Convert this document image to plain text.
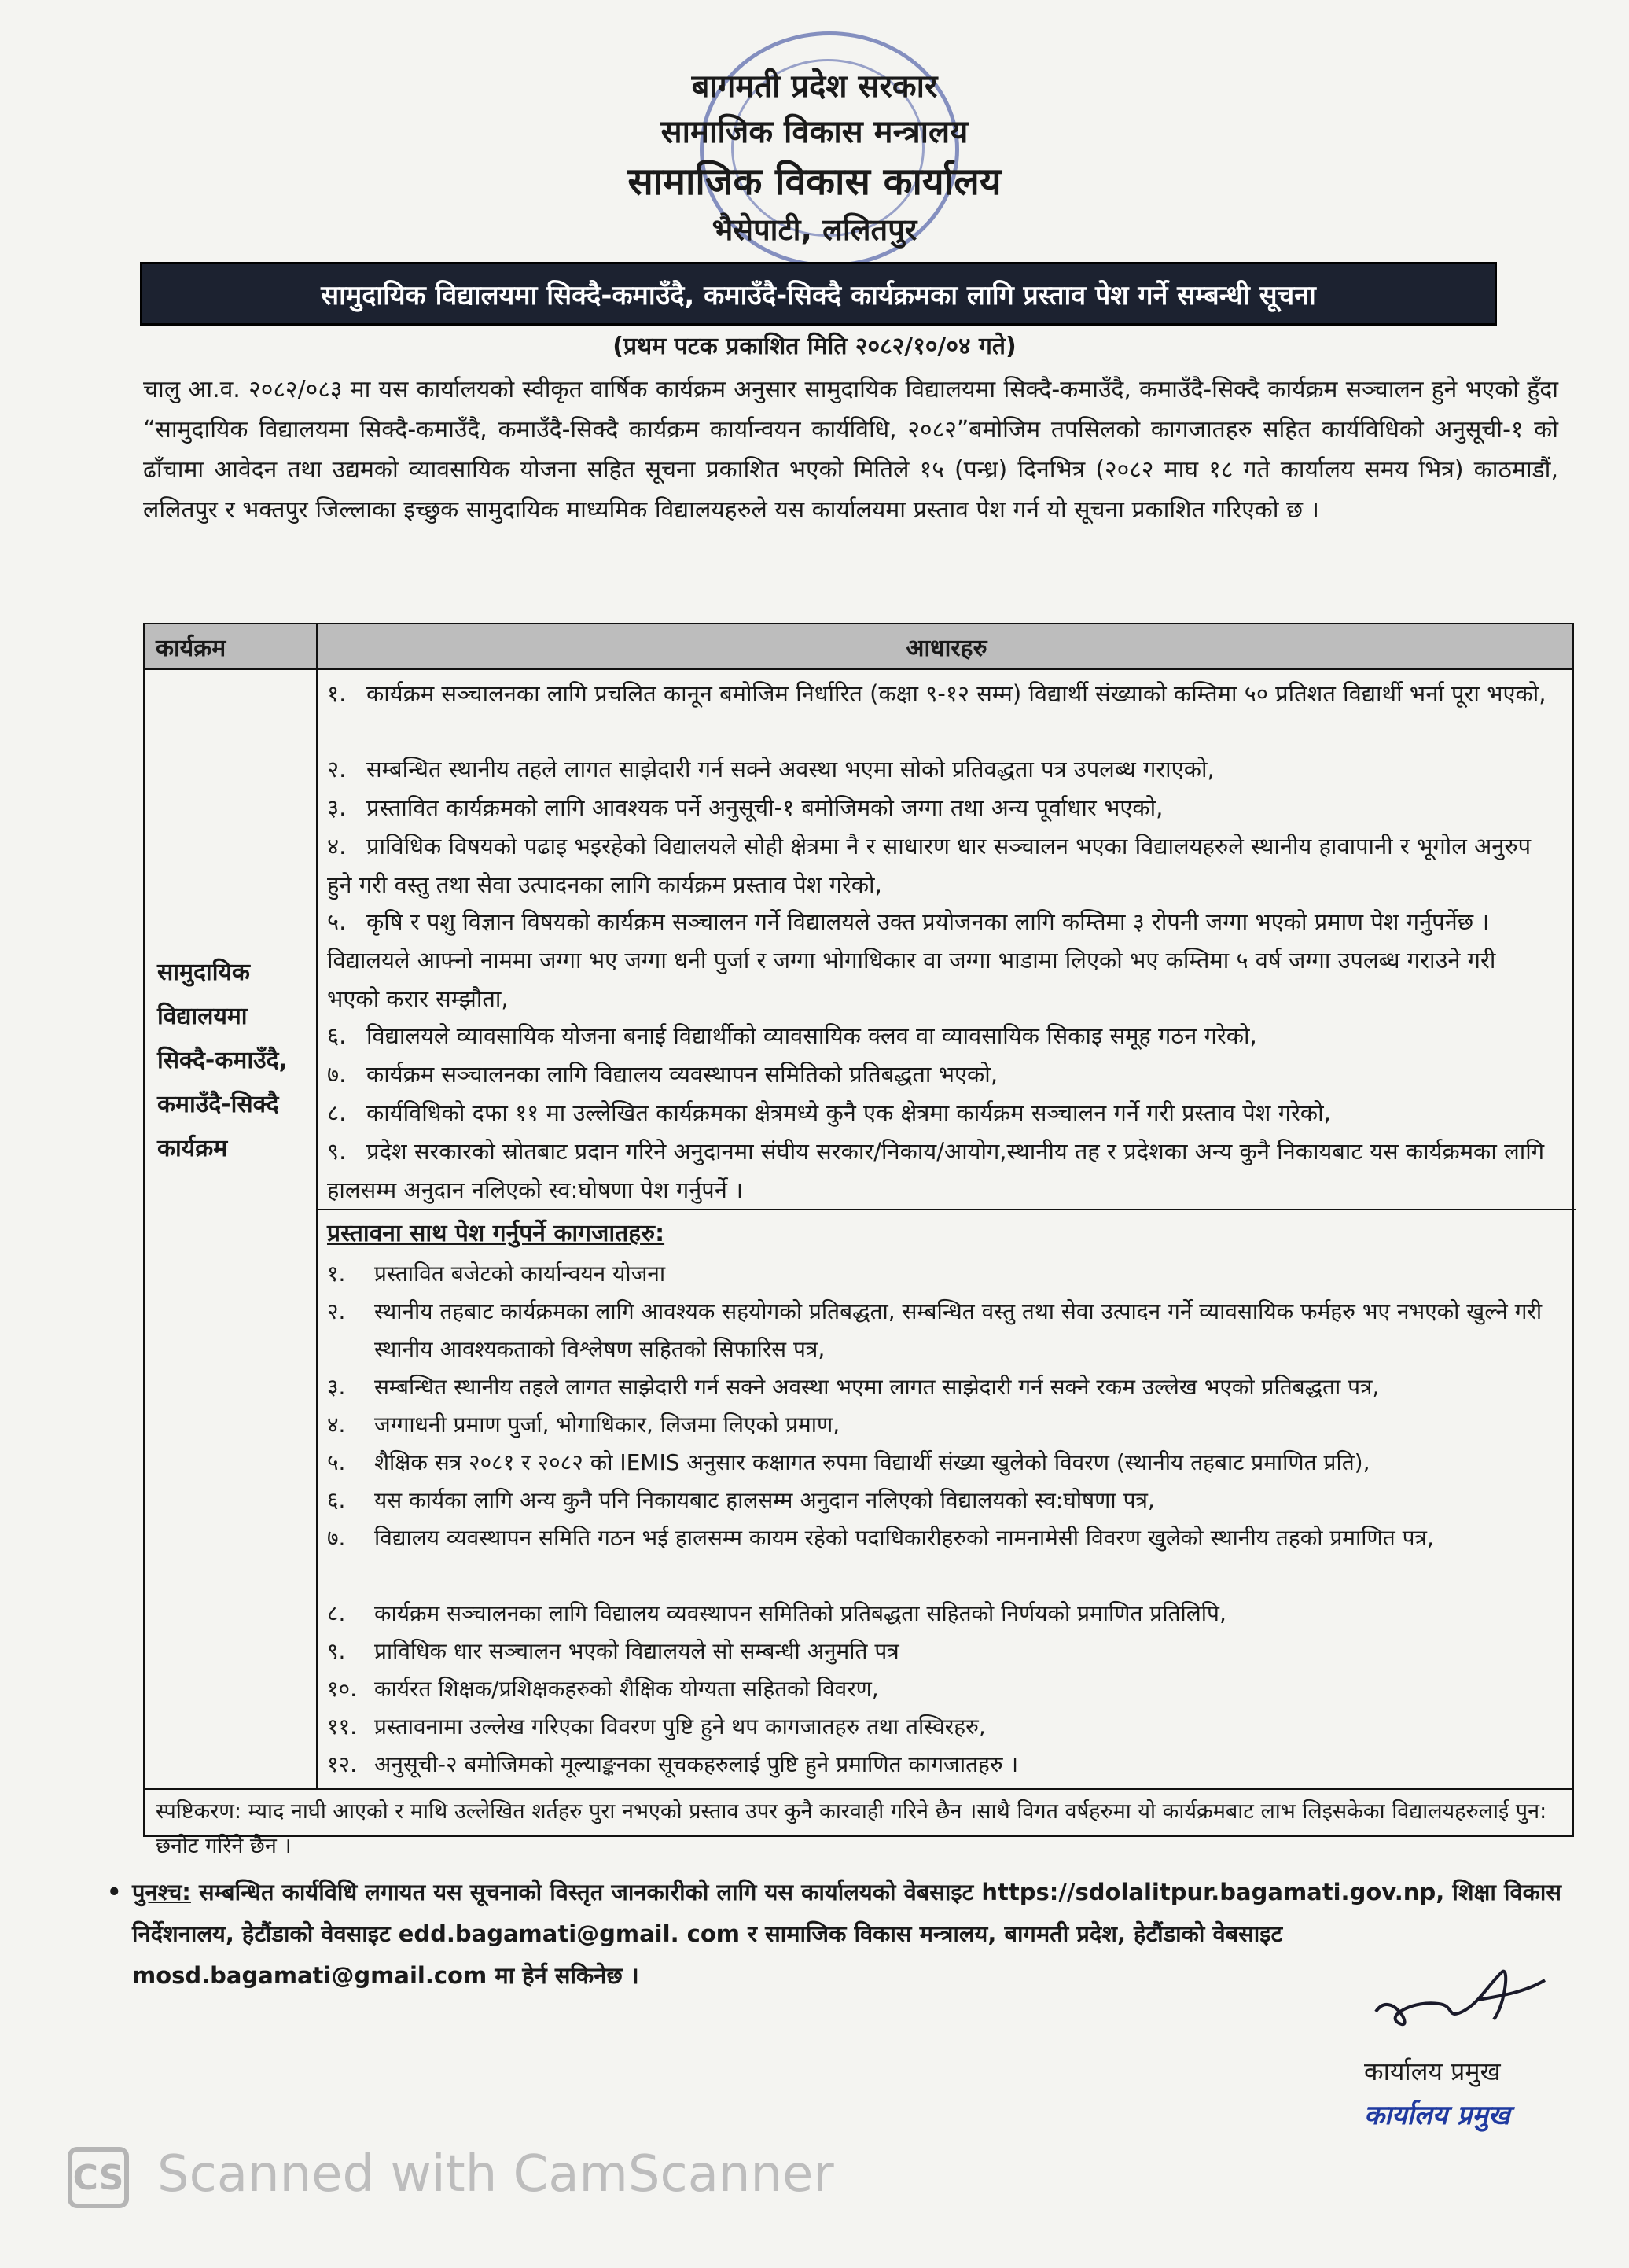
बागमती प्रदेश सरकार
सामाजिक विकास मन्त्रालय
सामाजिक विकास कार्यालय
भैसेपाटी, ललितपुर
सामुदायिक विद्यालयमा सिक्दै-कमाउँदै, कमाउँदै-सिक्दै कार्यक्रमका लागि प्रस्ताव पेश गर्ने सम्बन्धी सूचना
(प्रथम पटक प्रकाशित मिति २०८२/१०/०४ गते)
चालु आ.व. २०८२/०८३ मा यस कार्यालयको स्वीकृत वार्षिक कार्यक्रम अनुसार सामुदायिक विद्यालयमा सिक्दै-कमाउँदै, कमाउँदै-सिक्दै कार्यक्रम सञ्चालन हुने भएको हुँदा “सामुदायिक विद्यालयमा सिक्दै-कमाउँदै, कमाउँदै-सिक्दै कार्यक्रम कार्यान्वयन कार्यविधि, २०८२”बमोजिम तपसिलको कागजातहरु सहित कार्यविधिको अनुसूची-१ को ढाँचामा आवेदन तथा उद्यमको व्यावसायिक योजना सहित सूचना प्रकाशित भएको मितिले १५ (पन्ध्र) दिनभित्र (२०८२ माघ १८ गते कार्यालय समय भित्र) काठमाडौं, ललितपुर र भक्तपुर जिल्लाका इच्छुक सामुदायिक माध्यमिक विद्यालयहरुले यस कार्यालयमा प्रस्ताव पेश गर्न यो सूचना प्रकाशित गरिएको छ ।
कार्यक्रम	आधारहरु
सामुदायिक विद्यालयमा सिक्दै-कमाउँदै, कमाउँदै-सिक्दै कार्यक्रम
१. कार्यक्रम सञ्चालनका लागि प्रचलित कानून बमोजिम निर्धारित (कक्षा ९-१२ सम्म) विद्यार्थी संख्याको कम्तिमा ५० प्रतिशत विद्यार्थी भर्ना पूरा भएको,
२. सम्बन्धित स्थानीय तहले लागत साझेदारी गर्न सक्ने अवस्था भएमा सोको प्रतिवद्धता पत्र उपलब्ध गराएको,
३. प्रस्तावित कार्यक्रमको लागि आवश्यक पर्ने अनुसूची-१ बमोजिमको जग्गा तथा अन्य पूर्वाधार भएको,
४. प्राविधिक विषयको पढाइ भइरहेको विद्यालयले सोही क्षेत्रमा नै र साधारण धार सञ्चालन भएका विद्यालयहरुले स्थानीय हावापानी र भूगोल अनुरुप हुने गरी वस्तु तथा सेवा उत्पादनका लागि कार्यक्रम प्रस्ताव पेश गरेको,
५. कृषि र पशु विज्ञान विषयको कार्यक्रम सञ्चालन गर्ने विद्यालयले उक्त प्रयोजनका लागि कम्तिमा ३ रोपनी जग्गा भएको प्रमाण पेश गर्नुपर्नेछ । विद्यालयले आफ्नो नाममा जग्गा भए जग्गा धनी पुर्जा र जग्गा भोगाधिकार वा जग्गा भाडामा लिएको भए कम्तिमा ५ वर्ष जग्गा उपलब्ध गराउने गरी भएको करार सम्झौता,
६. विद्यालयले व्यावसायिक योजना बनाई विद्यार्थीको व्यावसायिक क्लव वा व्यावसायिक सिकाइ समूह गठन गरेको,
७. कार्यक्रम सञ्चालनका लागि विद्यालय व्यवस्थापन समितिको प्रतिबद्धता भएको,
८. कार्यविधिको दफा ११ मा उल्लेखित कार्यक्रमका क्षेत्रमध्ये कुनै एक क्षेत्रमा कार्यक्रम सञ्चालन गर्ने गरी प्रस्ताव पेश गरेको,
९. प्रदेश सरकारको स्रोतबाट प्रदान गरिने अनुदानमा संघीय सरकार/निकाय/आयोग,स्थानीय तह र प्रदेशका अन्य कुनै निकायबाट यस कार्यक्रमका लागि हालसम्म अनुदान नलिएको स्व:घोषणा पेश गर्नुपर्ने ।
प्रस्तावना साथ पेश गर्नुपर्ने कागजातहरु:
१.	प्रस्तावित बजेटको कार्यान्वयन योजना
२.	स्थानीय तहबाट कार्यक्रमका लागि आवश्यक सहयोगको प्रतिबद्धता, सम्बन्धित वस्तु तथा सेवा उत्पादन गर्ने व्यावसायिक फर्महरु भए नभएको खुल्ने गरी स्थानीय आवश्यकताको विश्लेषण सहितको सिफारिस पत्र,
३.	सम्बन्धित स्थानीय तहले लागत साझेदारी गर्न सक्ने अवस्था भएमा लागत साझेदारी गर्न सक्ने रकम उल्लेख भएको प्रतिबद्धता पत्र,
४.	जग्गाधनी प्रमाण पुर्जा, भोगाधिकार, लिजमा लिएको प्रमाण,
५.	शैक्षिक सत्र २०८१ र २०८२ को IEMIS अनुसार कक्षागत रुपमा विद्यार्थी संख्या खुलेको विवरण (स्थानीय तहबाट प्रमाणित प्रति),
६.	यस कार्यका लागि अन्य कुनै पनि निकायबाट हालसम्म अनुदान नलिएको विद्यालयको स्व:घोषणा पत्र,
७.	विद्यालय व्यवस्थापन समिति गठन भई हालसम्म कायम रहेको पदाधिकारीहरुको नामनामेसी विवरण खुलेको स्थानीय तहको प्रमाणित पत्र,
८.	कार्यक्रम सञ्चालनका लागि विद्यालय व्यवस्थापन समितिको प्रतिबद्धता सहितको निर्णयको प्रमाणित प्रतिलिपि,
९.	प्राविधिक धार सञ्चालन भएको विद्यालयले सो सम्बन्धी अनुमति पत्र
१०. कार्यरत शिक्षक/प्रशिक्षकहरुको शैक्षिक योग्यता सहितको विवरण,
११. प्रस्तावनामा उल्लेख गरिएका विवरण पुष्टि हुने थप कागजातहरु तथा तस्विरहरु,
१२. अनुसूची-२ बमोजिमको मूल्याङ्कनका सूचकहरुलाई पुष्टि हुने प्रमाणित कागजातहरु ।
स्पष्टिकरण: म्याद नाघी आएको र माथि उल्लेखित शर्तहरु पुरा नभएको प्रस्ताव उपर कुनै कारवाही गरिने छैन ।साथै विगत वर्षहरुमा यो कार्यक्रमबाट लाभ लिइसकेका विद्यालयहरुलाई पुन: छनोट गरिने छैन ।
• पुनश्च: सम्बन्धित कार्यविधि लगायत यस सूचनाको विस्तृत जानकारीको लागि यस कार्यालयको वेबसाइट https://sdolalitpur.bagamati.gov.np, शिक्षा विकास निर्देशनालय, हेटौंडाको वेवसाइट edd.bagamati@gmail. com र सामाजिक विकास मन्त्रालय, बागमती प्रदेश, हेटौंडाको वेबसाइट mosd.bagamati@gmail.com मा हेर्न सकिनेछ ।
कार्यालय प्रमुख
कार्यालय प्रमुख
CS Scanned with CamScanner
